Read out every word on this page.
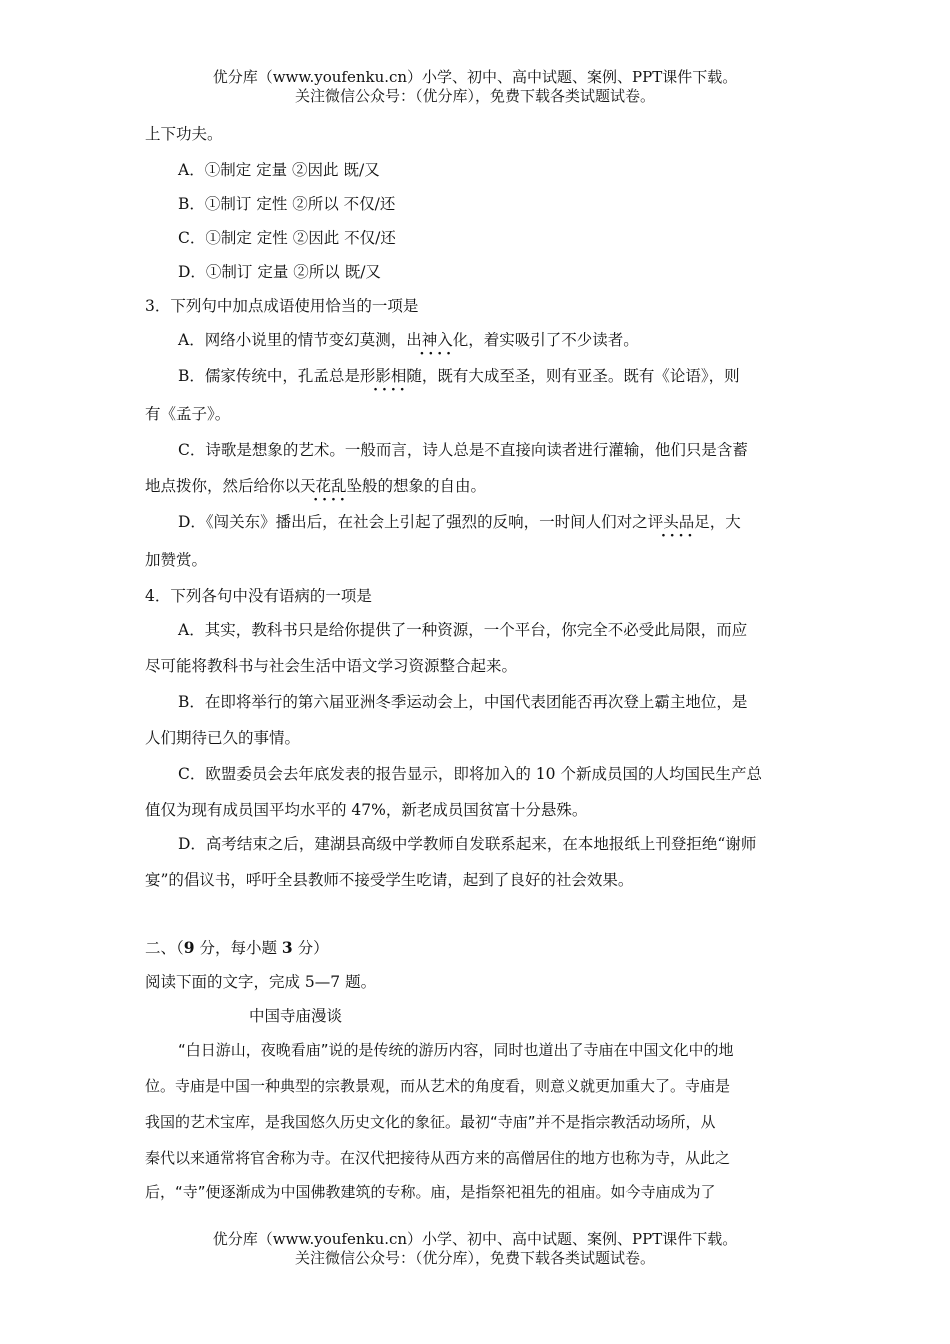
优分库（www.youfenku.cn）小学、初中、高中试题、案例、PPT课件下载。
关注微信公众号：（优分库），免费下载各类试题试卷。
上下功夫。
A．①制定 定量 ②因此 既/又
B．①制订 定性 ②所以 不仅/还
C．①制定 定性 ②因此 不仅/还
D．①制订 定量 ②所以 既/又
3．下列句中加点成语使用恰当的一项是
A．网络小说里的情节变幻莫测，出神入化 ····，着实吸引了不少读者。
B．儒家传统中，孔孟总是形影相随 ····，既有大成至圣，则有亚圣。既有《论语》，则
有《孟子》。
C．诗歌是想象的艺术。一般而言，诗人总是不直接向读者进行灌输，他们只是含蓄
地点拨你，然后给你以天花乱坠 ····般的想象的自由。
D．《闯关东》播出后，在社会上引起了强烈的反响，一时间人们对之评头品足 ····，大
加赞赏。
4．下列各句中没有语病的一项是
A．其实，教科书只是给你提供了一种资源，一个平台，你完全不必受此局限，而应
尽可能将教科书与社会生活中语文学习资源整合起来。
B．在即将举行的第六届亚洲冬季运动会上，中国代表团能否再次登上霸主地位，是
人们期待已久的事情。
C．欧盟委员会去年底发表的报告显示，即将加入的 10 个新成员国的人均国民生产总
值仅为现有成员国平均水平的 47%，新老成员国贫富十分悬殊。
D．高考结束之后，建湖县高级中学教师自发联系起来，在本地报纸上刊登拒绝“谢师
宴”的倡议书，呼吁全县教师不接受学生吃请，起到了良好的社会效果。
二、（9 分，每小题 3 分）
阅读下面的文字，完成 5—7 题。
中国寺庙漫谈
“白日游山，夜晚看庙”说的是传统的游历内容，同时也道出了寺庙在中国文化中的地
位。寺庙是中国一种典型的宗教景观，而从艺术的角度看，则意义就更加重大了。寺庙是
我国的艺术宝库，是我国悠久历史文化的象征。最初“寺庙”并不是指宗教活动场所，从
秦代以来通常将官舍称为寺。在汉代把接待从西方来的高僧居住的地方也称为寺，从此之
后，“寺”便逐渐成为中国佛教建筑的专称。庙，是指祭祀祖先的祖庙。如今寺庙成为了
优分库（www.youfenku.cn）小学、初中、高中试题、案例、PPT课件下载。
关注微信公众号：（优分库），免费下载各类试题试卷。
